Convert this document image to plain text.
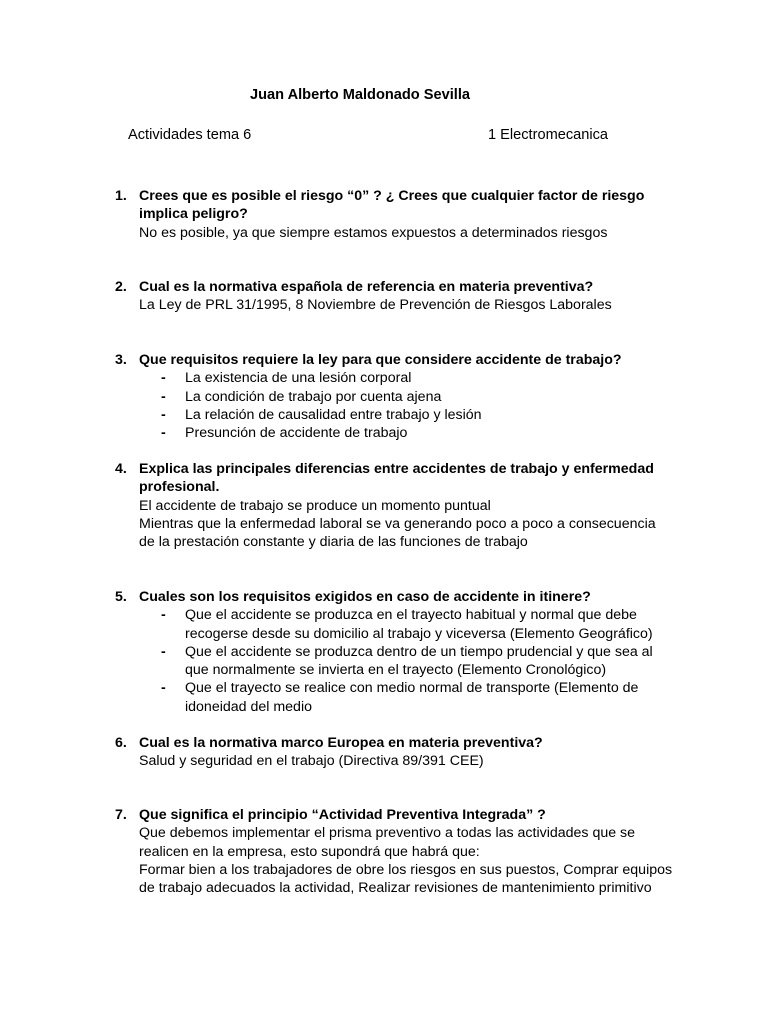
Juan Alberto Maldonado Sevilla
Actividades tema 6	1 Electromecanica
1. Crees que es posible el riesgo “0” ? ¿ Crees que cualquier factor de riesgo implica peligro?
No es posible, ya que siempre estamos expuestos a determinados riesgos
2. Cual es la normativa española de referencia en materia preventiva?
La Ley de PRL 31/1995, 8 Noviembre de Prevención de Riesgos Laborales
3. Que requisitos requiere la ley para que considere accidente de trabajo?
- La existencia de una lesión corporal
- La condición de trabajo por cuenta ajena
- La relación de causalidad entre trabajo y lesión
- Presunción de accidente de trabajo
4. Explica las principales diferencias entre accidentes de trabajo y enfermedad profesional.
El accidente de trabajo se produce un momento puntual
Mientras que la enfermedad laboral se va generando poco a poco a consecuencia de la prestación constante y diaria de las funciones de trabajo
5. Cuales son los requisitos exigidos en caso de accidente in itinere?
- Que el accidente se produzca en el trayecto habitual y normal que debe recogerse desde su domicilio al trabajo y viceversa (Elemento Geográfico)
- Que el accidente se produzca dentro de un tiempo prudencial y que sea al que normalmente se invierta en el trayecto (Elemento Cronológico)
- Que el trayecto se realice con medio normal de transporte (Elemento de idoneidad del medio
6. Cual es la normativa marco Europea en materia preventiva?
Salud y seguridad en el trabajo (Directiva 89/391 CEE)
7. Que significa el principio “Actividad Preventiva Integrada” ?
Que debemos implementar el prisma preventivo a todas las actividades que se realicen en la empresa, esto supondrá que habrá que:
Formar bien a los trabajadores de obre los riesgos en sus puestos, Comprar equipos de trabajo adecuados la actividad, Realizar revisiones de mantenimiento primitivo
